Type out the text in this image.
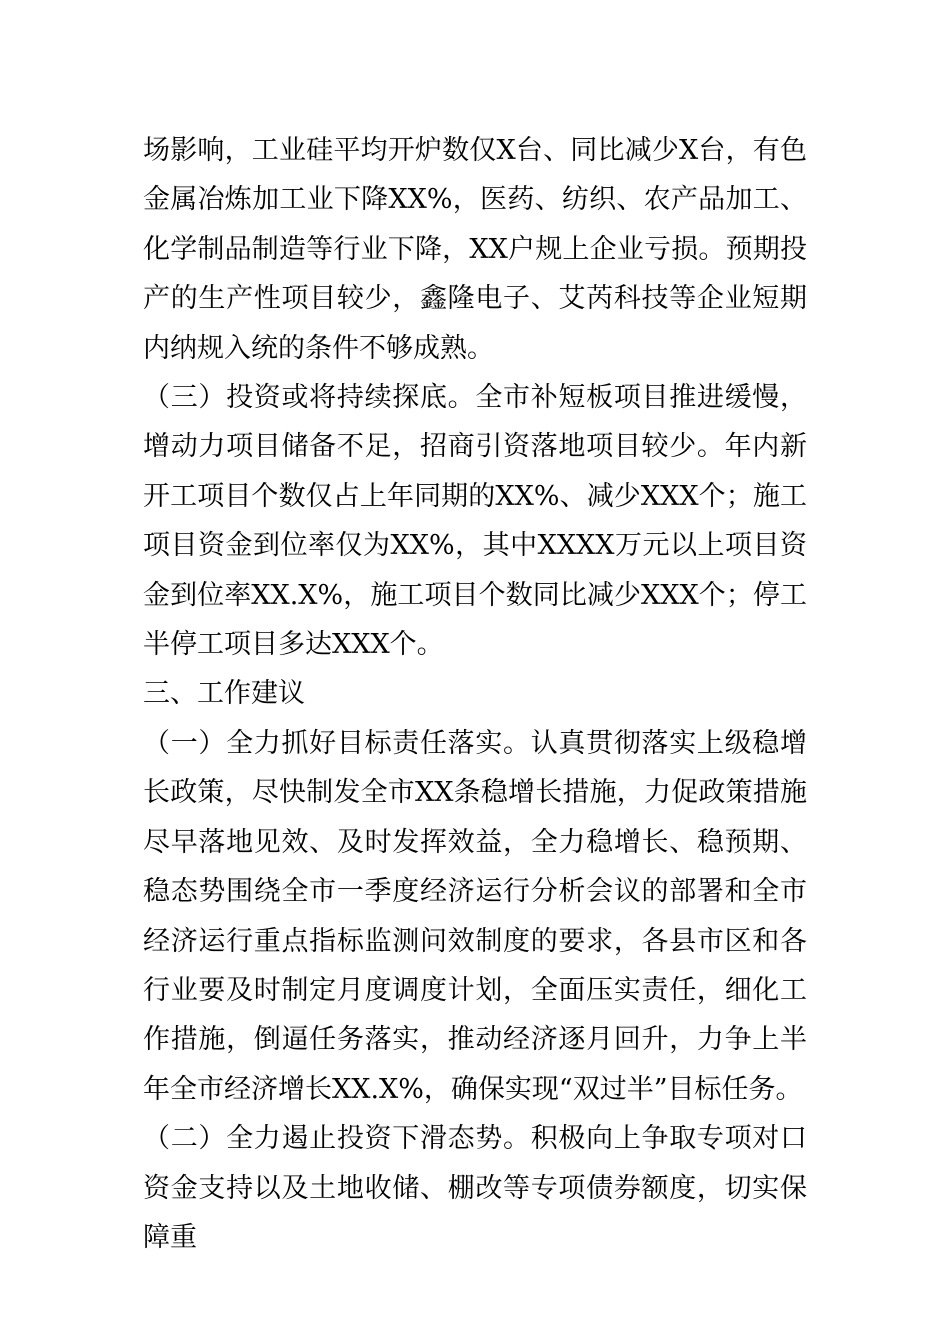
场影响，工业硅平均开炉数仅X台、同比减少X台，有色金属冶炼加工业下降XX%，医药、纺织、农产品加工、化学制品制造等行业下降，XX户规上企业亏损。预期投产的生产性项目较少，鑫隆电子、艾芮科技等企业短期内纳规入统的条件不够成熟。

（三）投资或将持续探底。全市补短板项目推进缓慢，增动力项目储备不足，招商引资落地项目较少。年内新开工项目个数仅占上年同期的XX%、减少XXX个；施工项目资金到位率仅为XX%，其中XXXX万元以上项目资金到位率XX.X%，施工项目个数同比减少XXX个；停工半停工项目多达XXX个。

三、工作建议

（一）全力抓好目标责任落实。认真贯彻落实上级稳增长政策，尽快制发全市XX条稳增长措施，力促政策措施尽早落地见效、及时发挥效益，全力稳增长、稳预期、稳态势围绕全市一季度经济运行分析会议的部署和全市经济运行重点指标监测问效制度的要求，各县市区和各行业要及时制定月度调度计划，全面压实责任，细化工作措施，倒逼任务落实，推动经济逐月回升，力争上半年全市经济增长XX.X%，确保实现“双过半”目标任务。

（二）全力遏止投资下滑态势。积极向上争取专项对口资金支持以及土地收储、棚改等专项债券额度，切实保障重
